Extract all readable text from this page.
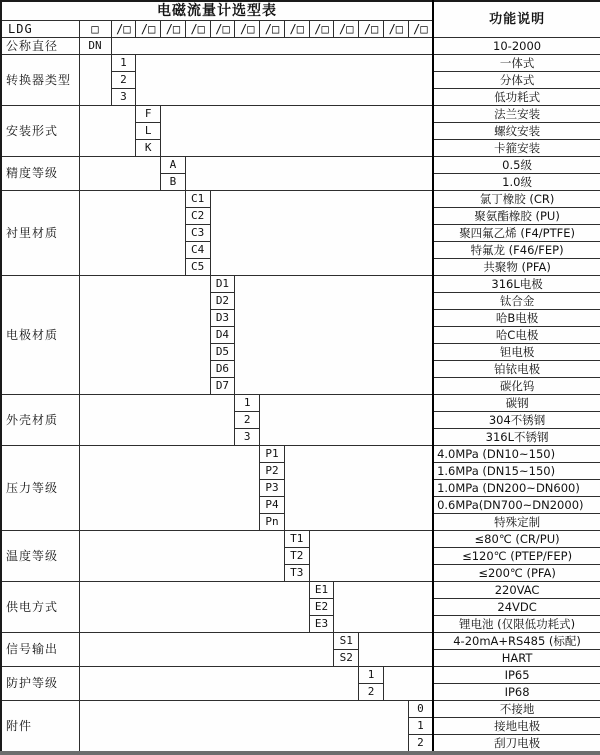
电磁流量计选型表															功能说明
LDG	□	/□	/□	/□	/□	/□	/□	/□	/□	/□	/□	/□	/□	/□	
公称直径	DN														10-2000
转换器类型		1													一体式
		2													分体式
		3													低功耗式
安装形式			F												法兰安装
			L												螺纹安装
			K												卡箍安装
精度等级				A											0.5级
				B											1.0级
衬里材质					C1										氯丁橡胶 (CR)
					C2										聚氨酯橡胶 (PU)
					C3										聚四氟乙烯 (F4/PTFE)
					C4										特氟龙 (F46/FEP)
					C5										共聚物 (PFA)
电极材质						D1									316L电极
						D2									钛合金
						D3									哈B电极
						D4									哈C电极
						D5									钽电极
						D6									铂铱电极
						D7									碳化钨
外壳材质							1								碳钢
							2								304不锈钢
							3								316L不锈钢
压力等级								P1							4.0MPa (DN10~150)
								P2							1.6MPa (DN15~150)
								P3							1.0MPa (DN200~DN600)
								P4							0.6MPa(DN700~DN2000)
								Pn							特殊定制
温度等级									T1						≤80℃ (CR/PU)
									T2						≤120℃ (PTEP/FEP)
									T3						≤200℃ (PFA)
供电方式										E1					220VAC
										E2					24VDC
										E3					锂电池 (仅限低功耗式)
信号输出											S1				4-20mA+RS485 (标配)
											S2				HART
防护等级												1			IP65
												2			IP68
附件														0	不接地
														1	接地电极
														2	刮刀电极
